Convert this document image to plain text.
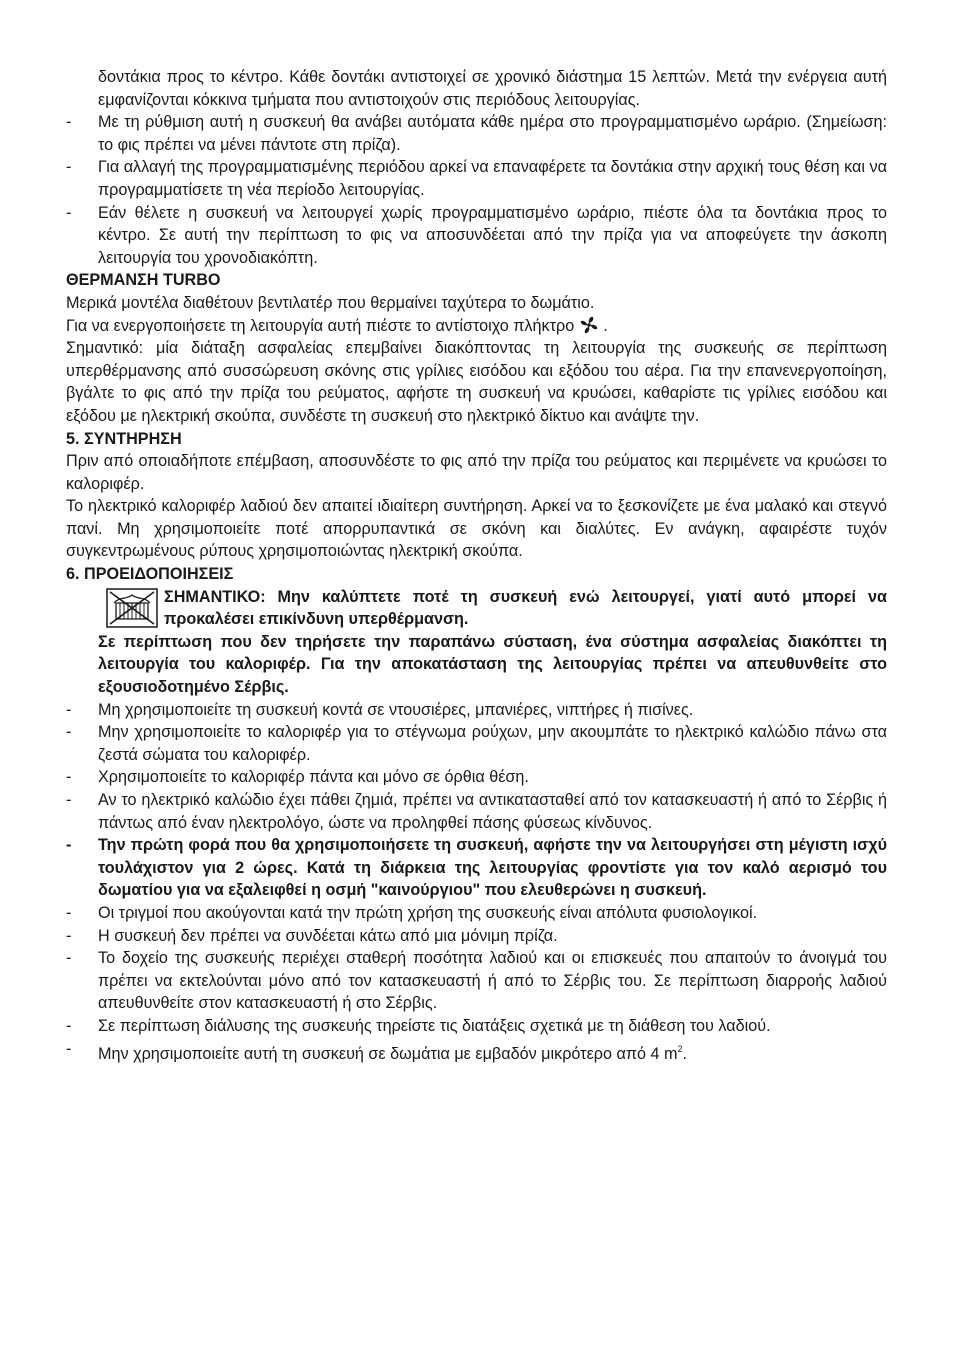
δοντάκια προς το κέντρο. Κάθε δοντάκι αντιστοιχεί σε χρονικό διάστημα 15 λεπτών. Μετά την ενέργεια αυτή εμφανίζονται κόκκινα τμήματα που αντιστοιχούν στις περιόδους λειτουργίας.
- Με τη ρύθμιση αυτή η συσκευή θα ανάβει αυτόματα κάθε ημέρα στο προγραμματισμένο ωράριο. (Σημείωση: το φις πρέπει να μένει πάντοτε στη πρίζα).
- Για αλλαγή της προγραμματισμένης περιόδου αρκεί να επαναφέρετε τα δοντάκια στην αρχική τους θέση και να προγραμματίσετε τη νέα περίοδο λειτουργίας.
- Εάν θέλετε η συσκευή να λειτουργεί χωρίς προγραμματισμένο ωράριο, πιέστε όλα τα δοντάκια προς το κέντρο. Σε αυτή την περίπτωση το φις να αποσυνδέεται από την πρίζα για να αποφεύγετε την άσκοπη λειτουργία του χρονοδιακόπτη.
ΘΕΡΜΑΝΣΗ TURBO
Μερικά μοντέλα διαθέτουν βεντιλατέρ που θερμαίνει ταχύτερα το δωμάτιο.
Για να ενεργοποιήσετε τη λειτουργία αυτή πιέστε το αντίστοιχο πλήκτρο .
Σημαντικό: μία διάταξη ασφαλείας επεμβαίνει διακόπτοντας τη λειτουργία της συσκευής σε περίπτωση υπερθέρμανσης από συσσώρευση σκόνης στις γρίλιες εισόδου και εξόδου του αέρα. Για την επανενεργοποίηση, βγάλτε το φις από την πρίζα του ρεύματος, αφήστε τη συσκευή να κρυώσει, καθαρίστε τις γρίλιες εισόδου και εξόδου με ηλεκτρική σκούπα, συνδέστε τη συσκευή στο ηλεκτρικό δίκτυο και ανάψτε την.
5. ΣΥΝΤΗΡΗΣΗ
Πριν από οποιαδήποτε επέμβαση, αποσυνδέστε το φις από την πρίζα του ρεύματος και περιμένετε να κρυώσει το καλοριφέρ.
Το ηλεκτρικό καλοριφέρ λαδιού δεν απαιτεί ιδιαίτερη συντήρηση. Αρκεί να το ξεσκονίζετε με ένα μαλακό και στεγνό πανί. Μη χρησιμοποιείτε ποτέ απορρυπαντικά σε σκόνη και διαλύτες. Εν ανάγκη, αφαιρέστε τυχόν συγκεντρωμένους ρύπους χρησιμοποιώντας ηλεκτρική σκούπα.
6. ΠΡΟΕΙΔΟΠΟΙΗΣΕΙΣ
ΣΗΜΑΝΤΙΚΟ: Μην καλύπτετε ποτέ τη συσκευή ενώ λειτουργεί, γιατί αυτό μπορεί να προκαλέσει επικίνδυνη υπερθέρμανση.
Σε περίπτωση που δεν τηρήσετε την παραπάνω σύσταση, ένα σύστημα ασφαλείας διακόπτει τη λειτουργία του καλοριφέρ. Για την αποκατάσταση της λειτουργίας πρέπει να απευθυνθείτε στο εξουσιοδοτημένο Σέρβις.
- Μη χρησιμοποιείτε τη συσκευή κοντά σε ντουσιέρες, μπανιέρες, νιπτήρες ή πισίνες.
- Μην χρησιμοποιείτε το καλοριφέρ για το στέγνωμα ρούχων, μην ακουμπάτε το ηλεκτρικό καλώδιο πάνω στα ζεστά σώματα του καλοριφέρ.
- Χρησιμοποιείτε το καλοριφέρ πάντα και μόνο σε όρθια θέση.
- Αν το ηλεκτρικό καλώδιο έχει πάθει ζημιά, πρέπει να αντικατασταθεί από τον κατασκευαστή ή από το Σέρβις ή πάντως από έναν ηλεκτρολόγο, ώστε να προληφθεί πάσης φύσεως κίνδυνος.
- Την πρώτη φορά που θα χρησιμοποιήσετε τη συσκευή, αφήστε την να λειτουργήσει στη μέγιστη ισχύ τουλάχιστον για 2 ώρες. Κατά τη διάρκεια της λειτουργίας φροντίστε για τον καλό αερισμό του δωματίου για να εξαλειφθεί η οσμή "καινούργιου" που ελευθερώνει η συσκευή.
- Οι τριγμοί που ακούγονται κατά την πρώτη χρήση της συσκευής είναι απόλυτα φυσιολογικοί.
- Η συσκευή δεν πρέπει να συνδέεται κάτω από μια μόνιμη πρίζα.
- Το δοχείο της συσκευής περιέχει σταθερή ποσότητα λαδιού και οι επισκευές που απαιτούν το άνοιγμά του πρέπει να εκτελούνται μόνο από τον κατασκευαστή ή από το Σέρβις του. Σε περίπτωση διαρροής λαδιού απευθυνθείτε στον κατασκευαστή ή στο Σέρβις.
- Σε περίπτωση διάλυσης της συσκευής τηρείστε τις διατάξεις σχετικά με τη διάθεση του λαδιού.
- Μην χρησιμοποιείτε αυτή τη συσκευή σε δωμάτια με εμβαδόν μικρότερο από 4 $m^2$.
